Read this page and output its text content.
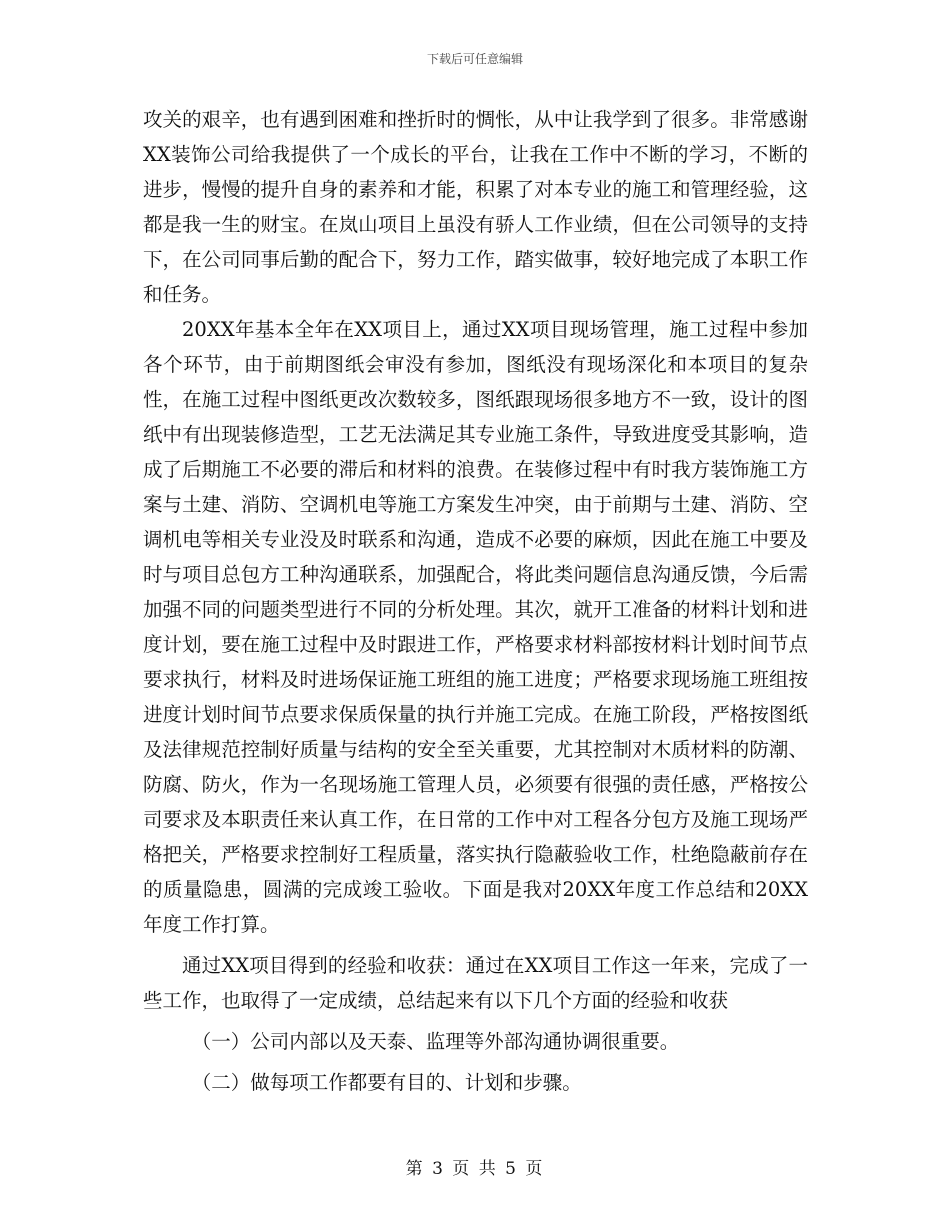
下载后可任意编辑

攻关的艰辛，也有遇到困难和挫折时的惆怅，从中让我学到了很多。非常感谢XX装饰公司给我提供了一个成长的平台，让我在工作中不断的学习，不断的进步，慢慢的提升自身的素养和才能，积累了对本专业的施工和管理经验，这都是我一生的财宝。在岚山项目上虽没有骄人工作业绩，但在公司领导的支持下，在公司同事后勤的配合下，努力工作，踏实做事，较好地完成了本职工作和任务。

20XX年基本全年在XX项目上，通过XX项目现场管理，施工过程中参加各个环节，由于前期图纸会审没有参加，图纸没有现场深化和本项目的复杂性，在施工过程中图纸更改次数较多，图纸跟现场很多地方不一致，设计的图纸中有出现装修造型，工艺无法满足其专业施工条件，导致进度受其影响，造成了后期施工不必要的滞后和材料的浪费。在装修过程中有时我方装饰施工方案与土建、消防、空调机电等施工方案发生冲突，由于前期与土建、消防、空调机电等相关专业没及时联系和沟通，造成不必要的麻烦，因此在施工中要及时与项目总包方工种沟通联系，加强配合，将此类问题信息沟通反馈，今后需加强不同的问题类型进行不同的分析处理。其次，就开工准备的材料计划和进度计划，要在施工过程中及时跟进工作，严格要求材料部按材料计划时间节点要求执行，材料及时进场保证施工班组的施工进度；严格要求现场施工班组按进度计划时间节点要求保质保量的执行并施工完成。在施工阶段，严格按图纸及法律规范控制好质量与结构的安全至关重要，尤其控制对木质材料的防潮、防腐、防火，作为一名现场施工管理人员，必须要有很强的责任感，严格按公司要求及本职责任来认真工作，在日常的工作中对工程各分包方及施工现场严格把关，严格要求控制好工程质量，落实执行隐蔽验收工作，杜绝隐蔽前存在的质量隐患，圆满的完成竣工验收。下面是我对20XX年度工作总结和20XX年度工作打算。

通过XX项目得到的经验和收获：通过在XX项目工作这一年来，完成了一些工作，也取得了一定成绩，总结起来有以下几个方面的经验和收获

（一）公司内部以及天泰、监理等外部沟通协调很重要。

（二）做每项工作都要有目的、计划和步骤。

第 3 页 共 5 页
